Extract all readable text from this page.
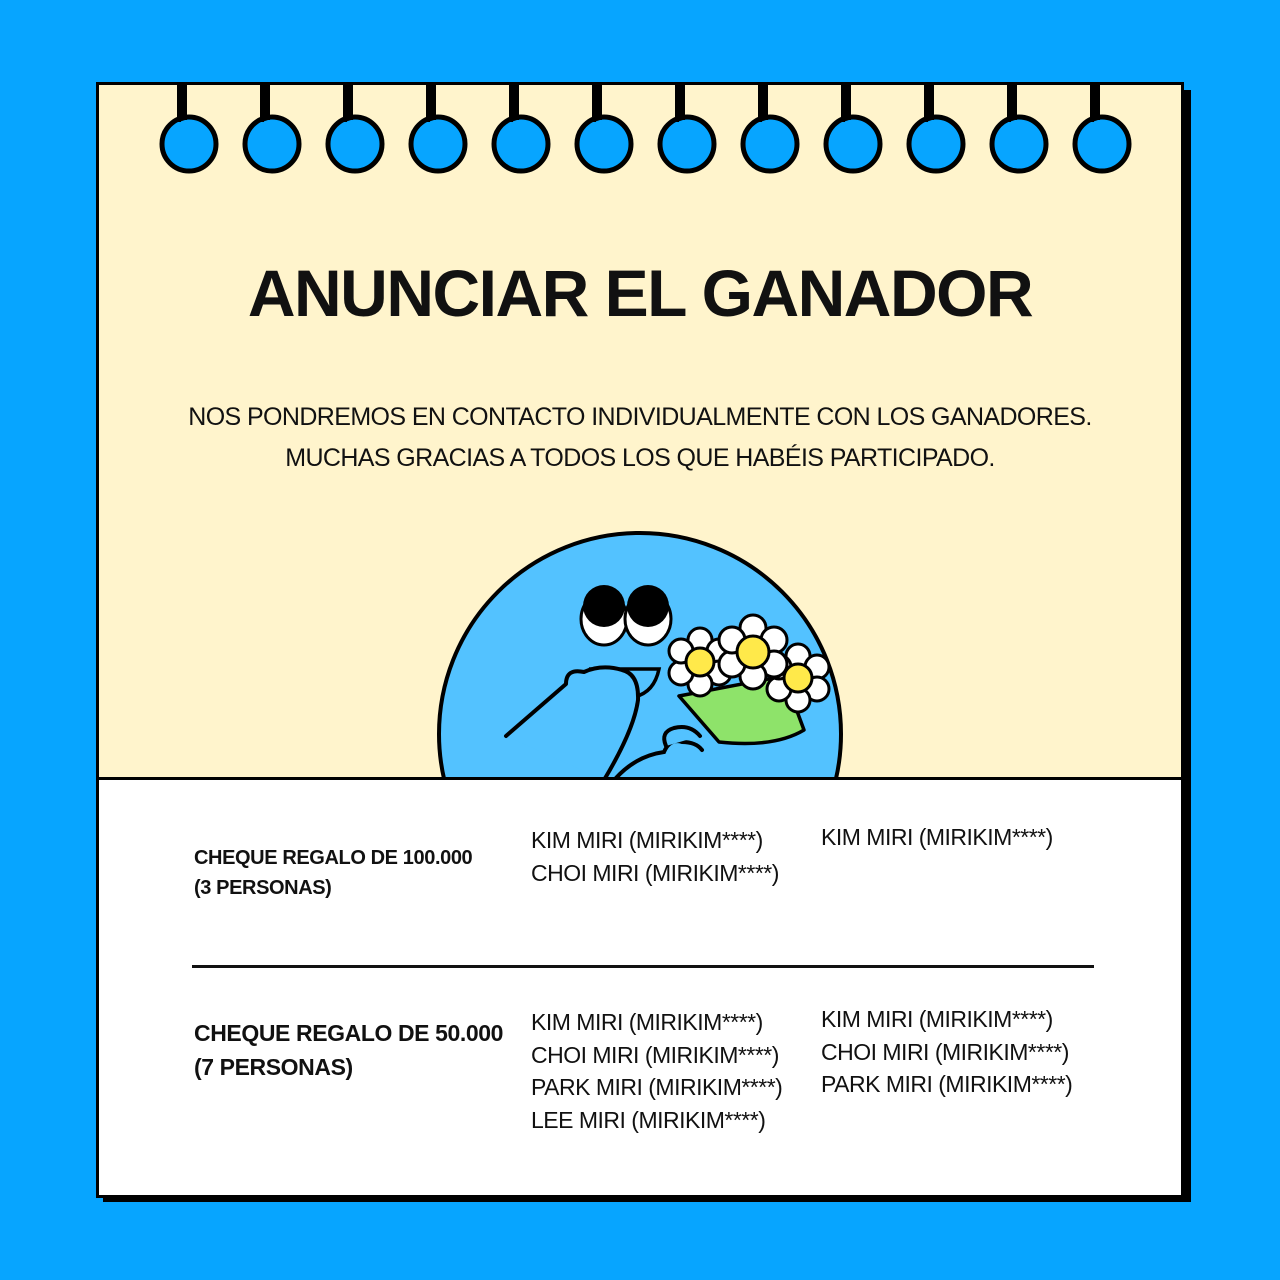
ANUNCIAR EL GANADOR
NOS PONDREMOS EN CONTACTO INDIVIDUALMENTE CON LOS GANADORES.
MUCHAS GRACIAS A TODOS LOS QUE HABÉIS PARTICIPADO.
CHEQUE REGALO DE 100.000
(3 PERSONAS)
KIM MIRI (MIRIKIM****)
CHOI MIRI (MIRIKIM****)
KIM MIRI (MIRIKIM****)
CHEQUE REGALO DE 50.000
(7 PERSONAS)
KIM MIRI (MIRIKIM****)
CHOI MIRI (MIRIKIM****)
PARK MIRI (MIRIKIM****)
LEE MIRI (MIRIKIM****)
KIM MIRI (MIRIKIM****)
CHOI MIRI (MIRIKIM****)
PARK MIRI (MIRIKIM****)
